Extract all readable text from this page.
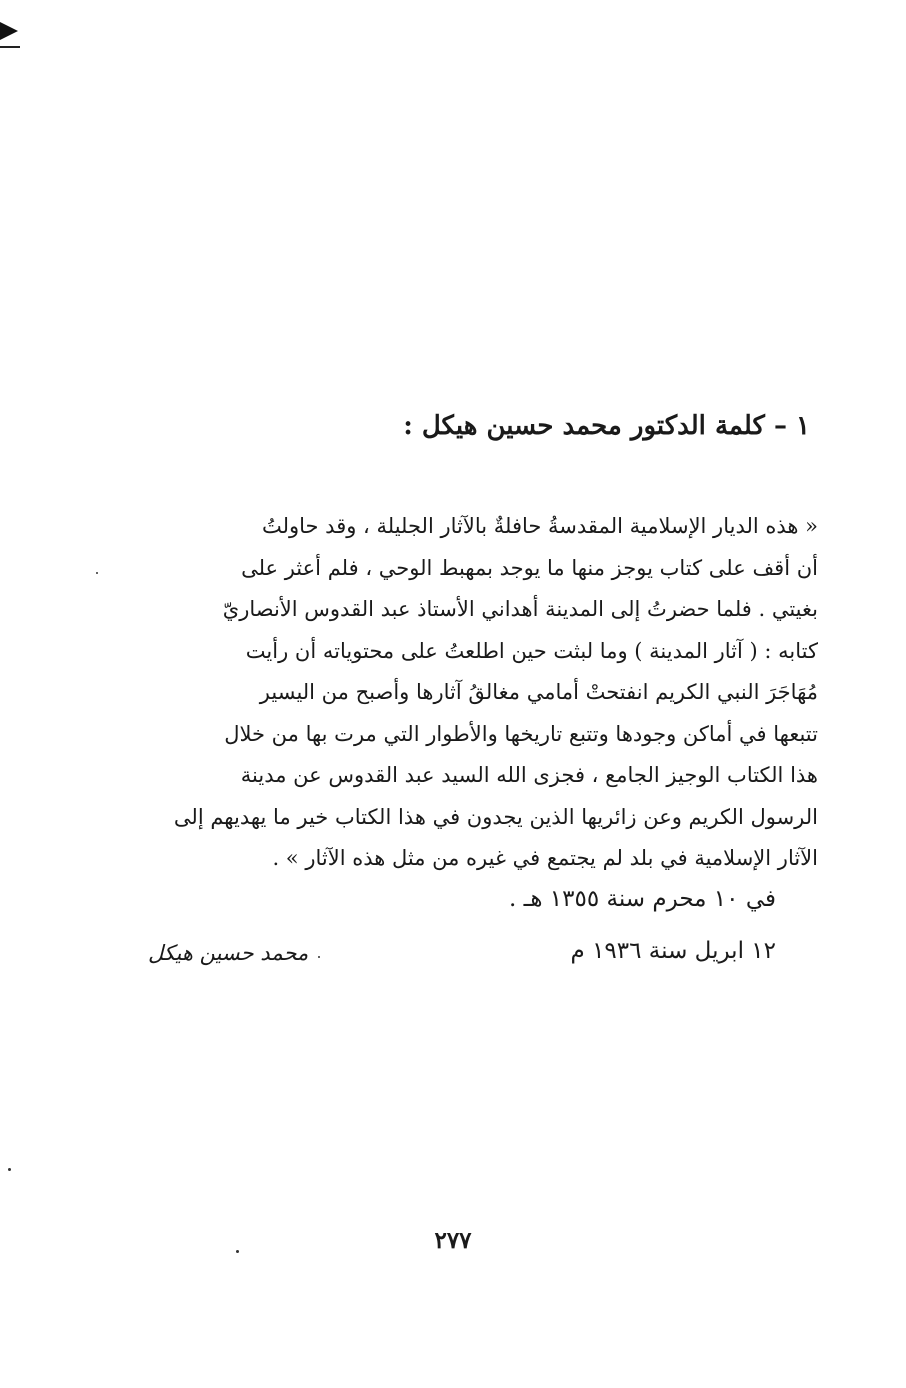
١ – كلمة الدكتور محمد حسين هيكل :
« هذه الديار الإسلامية المقدسةُ حافلةٌ بالآثار الجليلة ، وقد حاولتُ
أن أقف على كتاب يوجز منها ما يوجد بمهبط الوحي ، فلم أعثر على
بغيتي . فلما حضرتُ إلى المدينة أهداني الأستاذ عبد القدوس الأنصاريّ
كتابه : ( آثار المدينة ) وما لبثت حين اطلعتُ على محتوياته أن رأيت
مُهَاجَرَ النبي الكريم انفتحتْ أمامي مغالقُ آثارها وأصبح من اليسير
تتبعها في أماكن وجودها وتتبع تاريخها والأطوار التي مرت بها من خلال
هذا الكتاب الوجيز الجامع ، فجزى الله السيد عبد القدوس عن مدينة
الرسول الكريم وعن زائريها الذين يجدون في هذا الكتاب خير ما يهديهم إلى
الآثار الإسلامية في بلد لم يجتمع في غيره من مثل هذه الآثار » .
في ١٠ محرم سنة ١٣٥٥ هـ .
١٢ ابريل سنة ١٩٣٦ م
محمد حسين هيكل
٢٧٧
